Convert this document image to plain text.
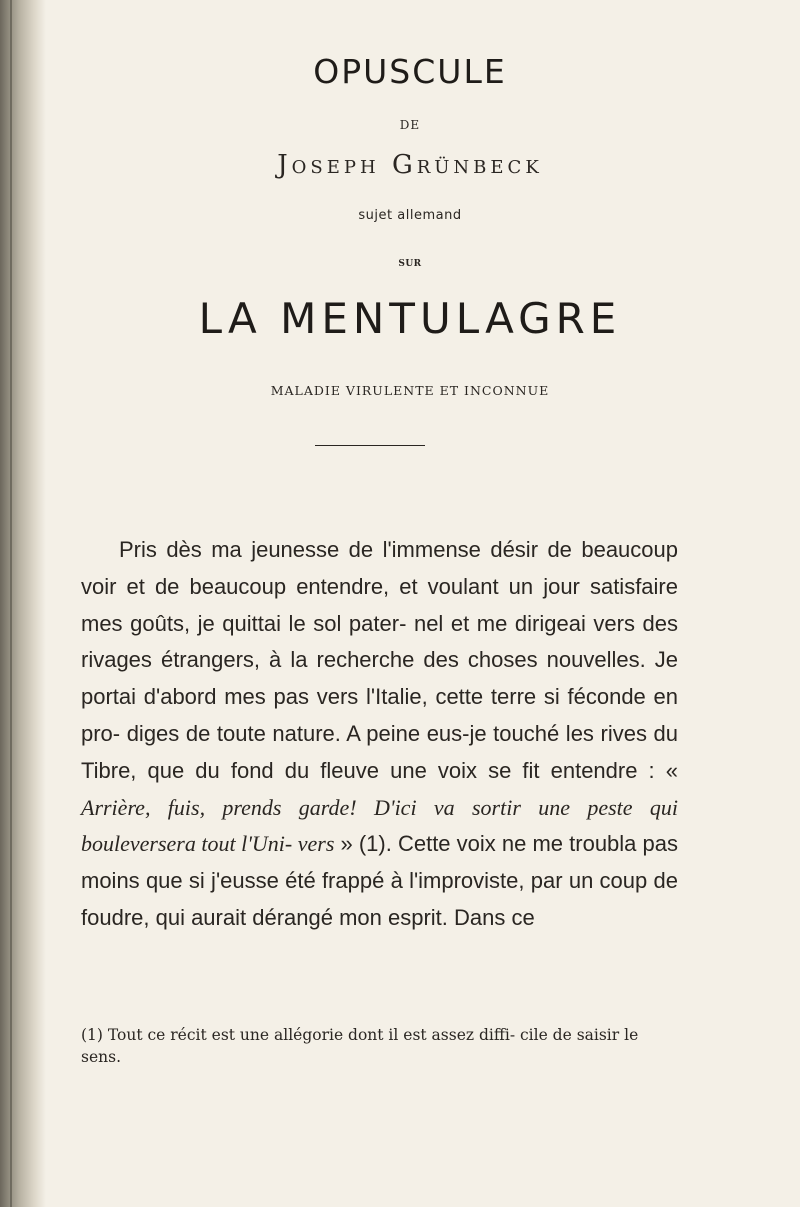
OPUSCULE
DE
Joseph Grünbeck
sujet allemand
SUR
LA MENTULAGRE
MALADIE VIRULENTE ET INCONNUE

Pris dès ma jeunesse de l'immense désir de beaucoup voir et de beaucoup entendre, et voulant un jour satisfaire mes goûts, je quittai le sol pater- nel et me dirigeai vers des rivages étrangers, à la recherche des choses nouvelles. Je portai d'abord mes pas vers l'Italie, cette terre si féconde en pro- diges de toute nature. A peine eus-je touché les rives du Tibre, que du fond du fleuve une voix se fit entendre : « Arrière, fuis, prends garde! D'ici va sortir une peste qui bouleversera tout l'Uni- vers » (1). Cette voix ne me troubla pas moins que si j'eusse été frappé à l'improviste, par un coup de foudre, qui aurait dérangé mon esprit. Dans ce

(1) Tout ce récit est une allégorie dont il est assez diffi- cile de saisir le sens.
